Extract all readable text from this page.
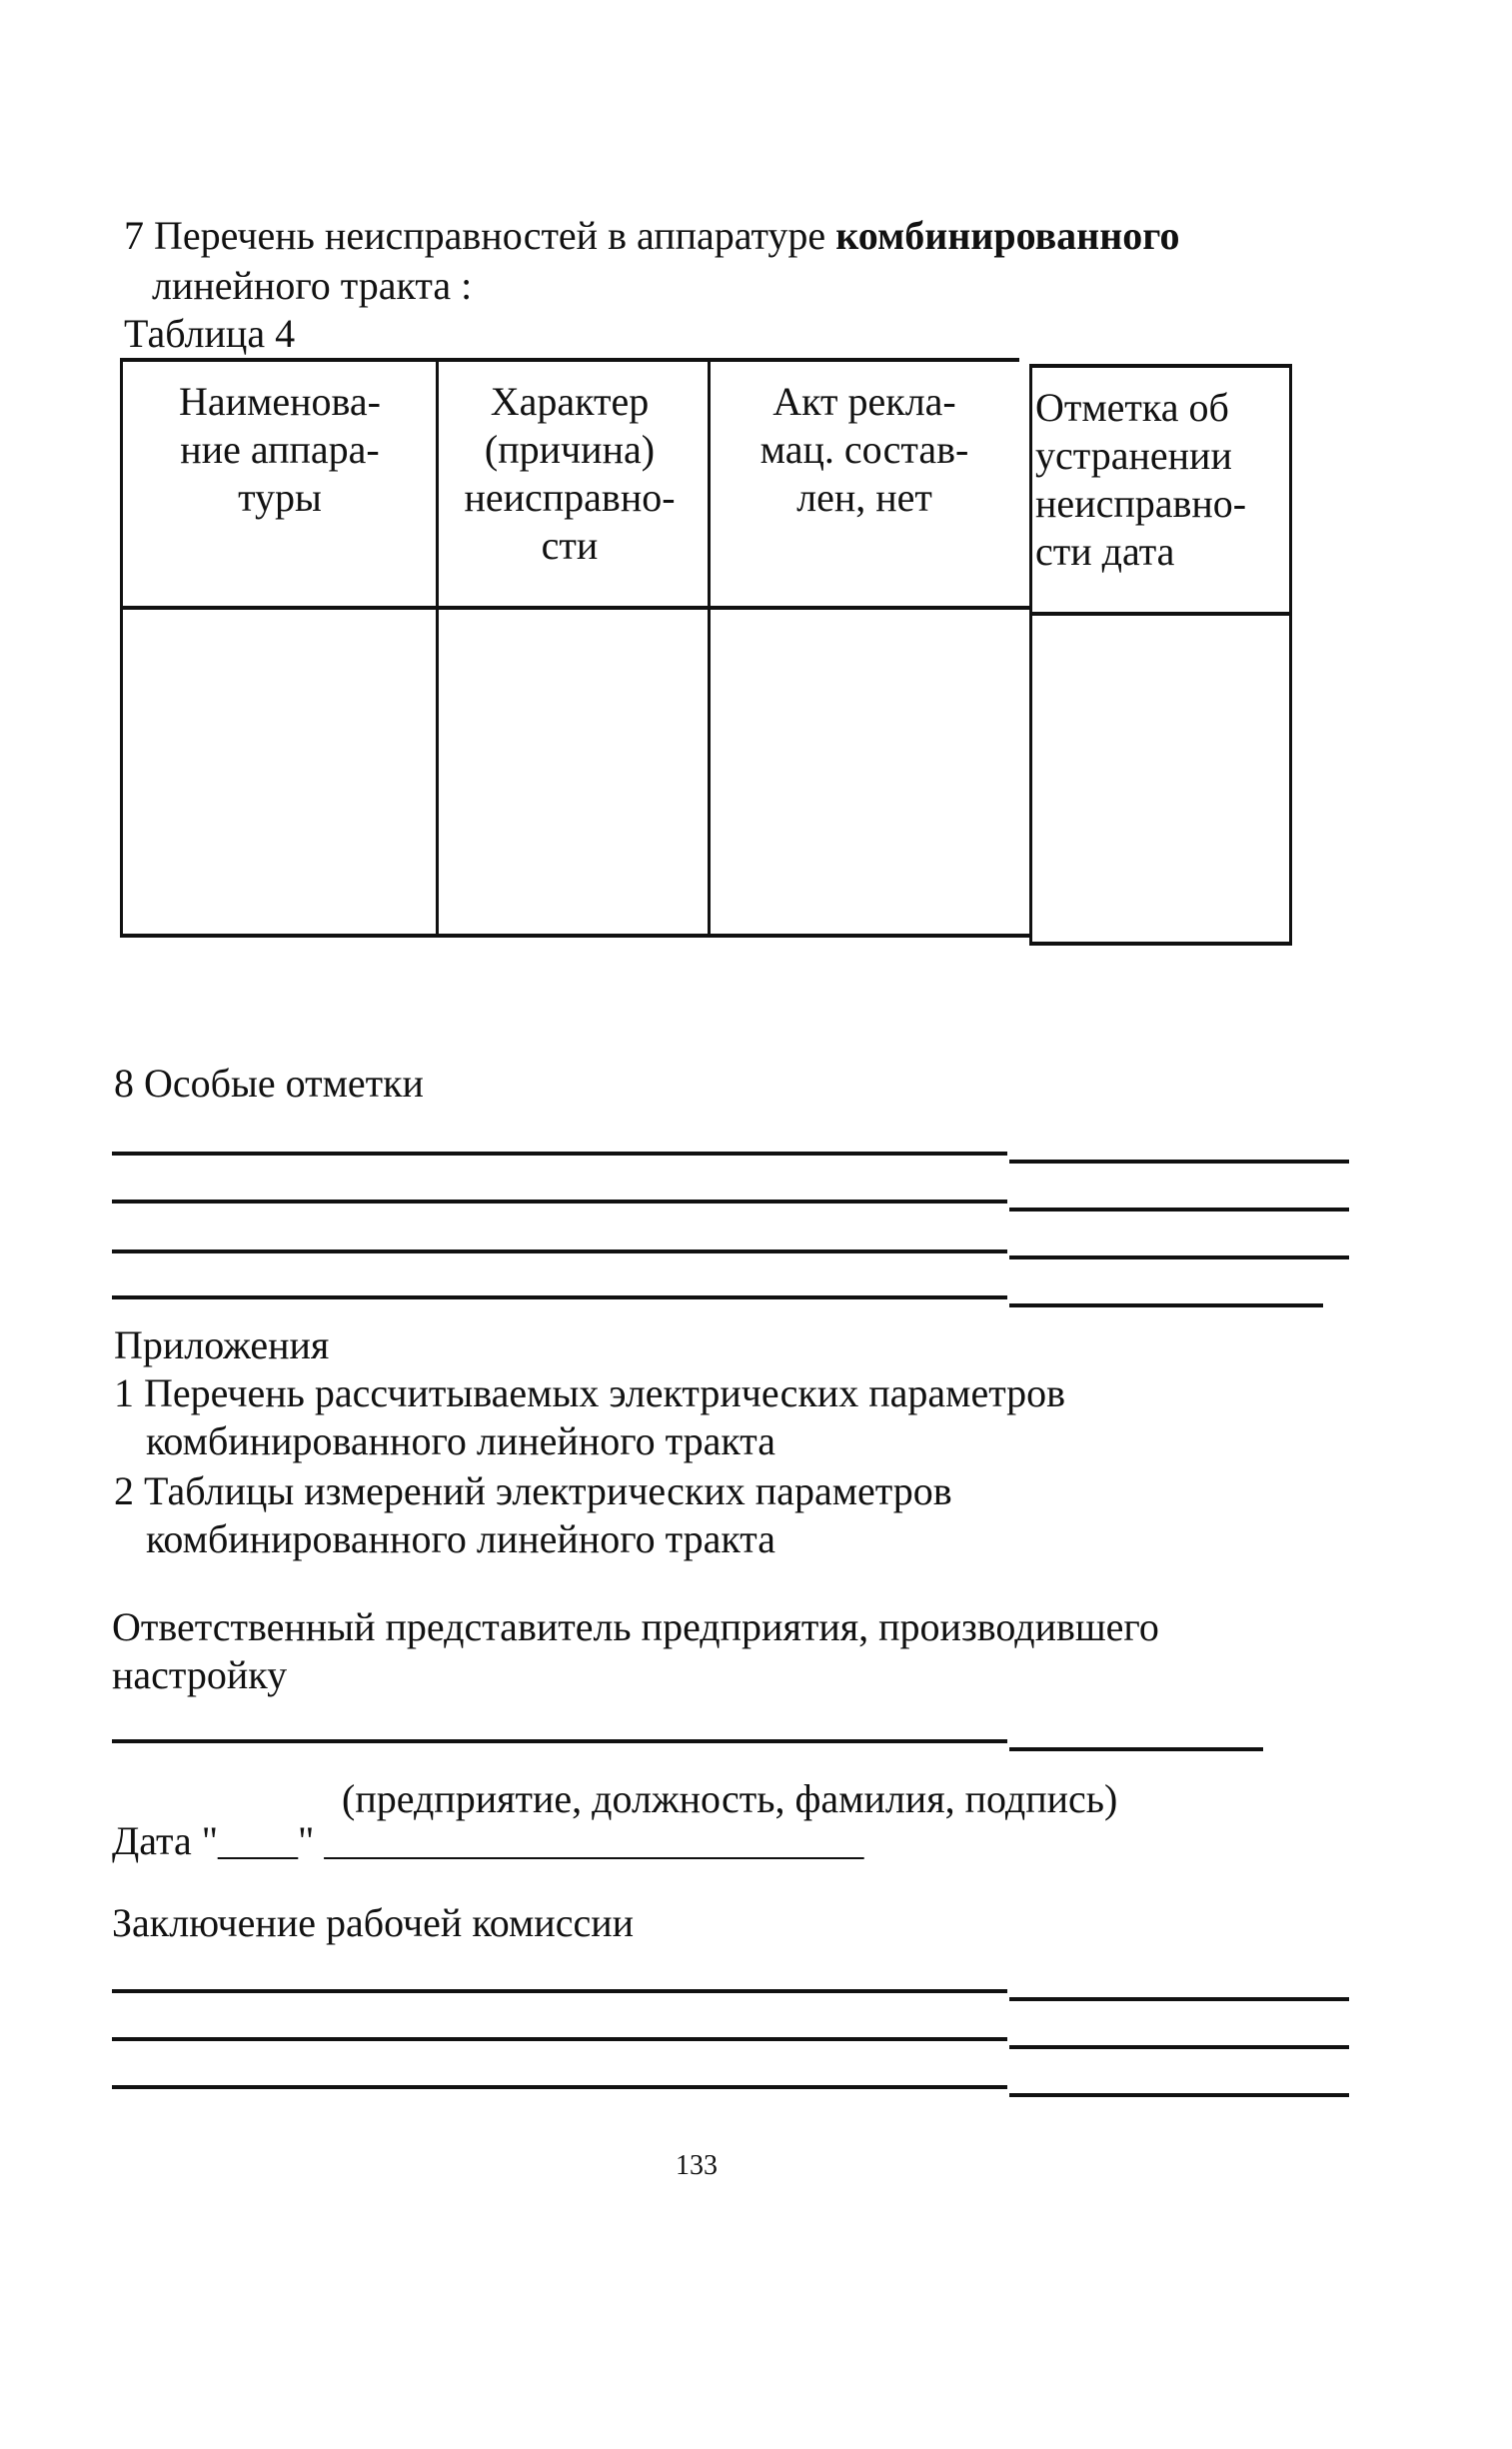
7 Перечень неисправностей в аппаратуре комбинированного
линейного тракта :
Таблица 4
Наименова-
ние аппара-
туры
Характер
(причина)
неисправно-
сти
Акт рекла-
мац. состав-
лен, нет
Отметка об
устранении
неисправно-
сти дата
8 Особые отметки
Приложения
1 Перечень рассчитываемых электрических параметров
комбинированного линейного тракта
2 Таблицы измерений электрических параметров
комбинированного линейного тракта
Ответственный представитель предприятия, производившего
настройку
(предприятие, должность, фамилия, подпись)
Дата "____" ___________________________
Заключение рабочей комиссии
133
